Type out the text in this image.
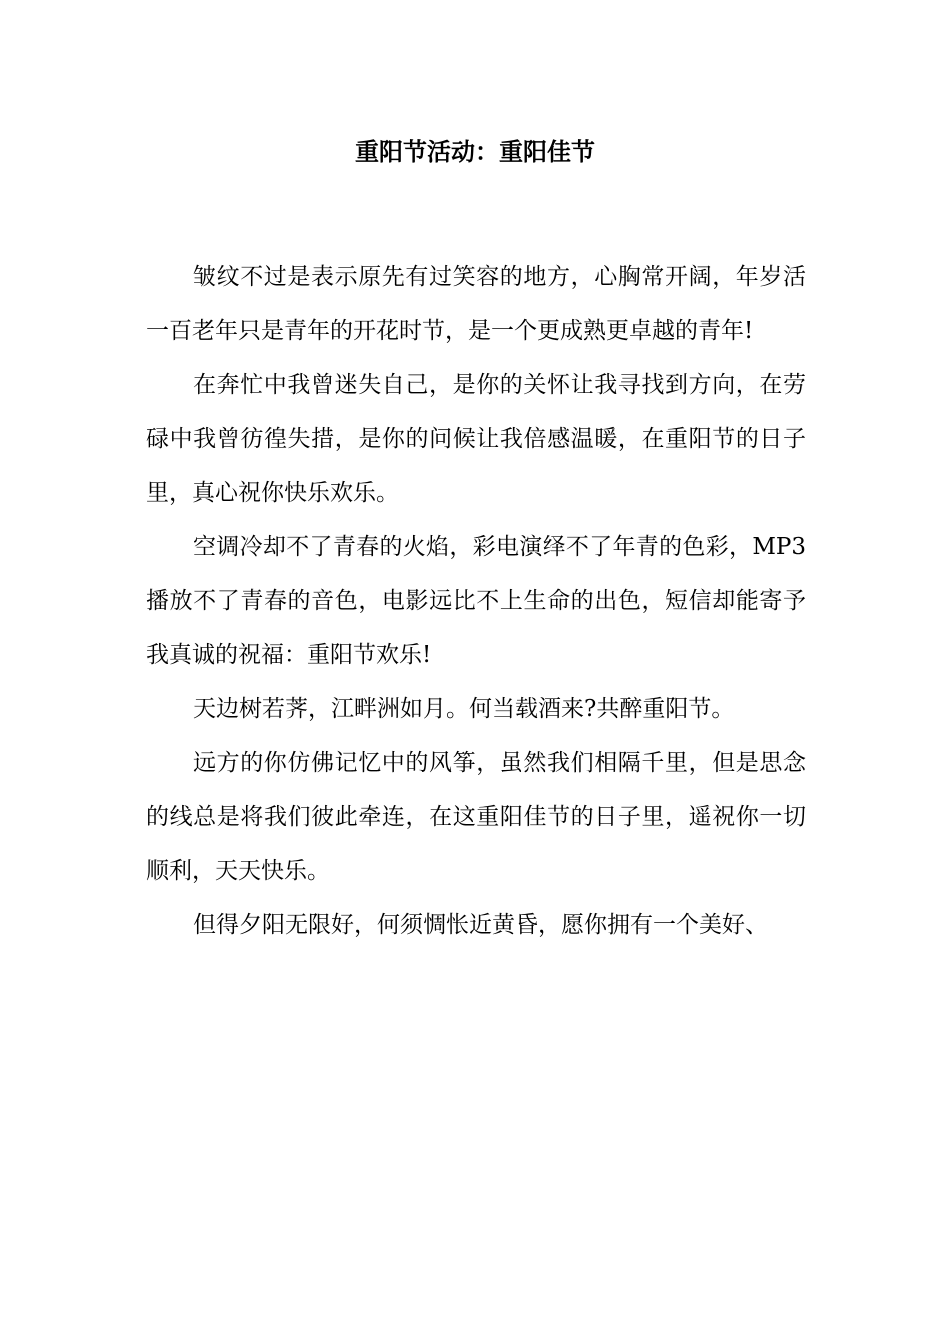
重阳节活动：重阳佳节

皱纹不过是表示原先有过笑容的地方，心胸常开阔，年岁活一百老年只是青年的开花时节，是一个更成熟更卓越的青年!

在奔忙中我曾迷失自己，是你的关怀让我寻找到方向，在劳碌中我曾彷徨失措，是你的问候让我倍感温暖，在重阳节的日子里，真心祝你快乐欢乐。

空调冷却不了青春的火焰，彩电演绎不了年青的色彩，MP3播放不了青春的音色，电影远比不上生命的出色，短信却能寄予我真诚的祝福：重阳节欢乐!

天边树若荠，江畔洲如月。何当载酒来?共醉重阳节。

远方的你仿佛记忆中的风筝，虽然我们相隔千里，但是思念的线总是将我们彼此牵连，在这重阳佳节的日子里，遥祝你一切顺利，天天快乐。

但得夕阳无限好，何须惆怅近黄昏，愿你拥有一个美好、
